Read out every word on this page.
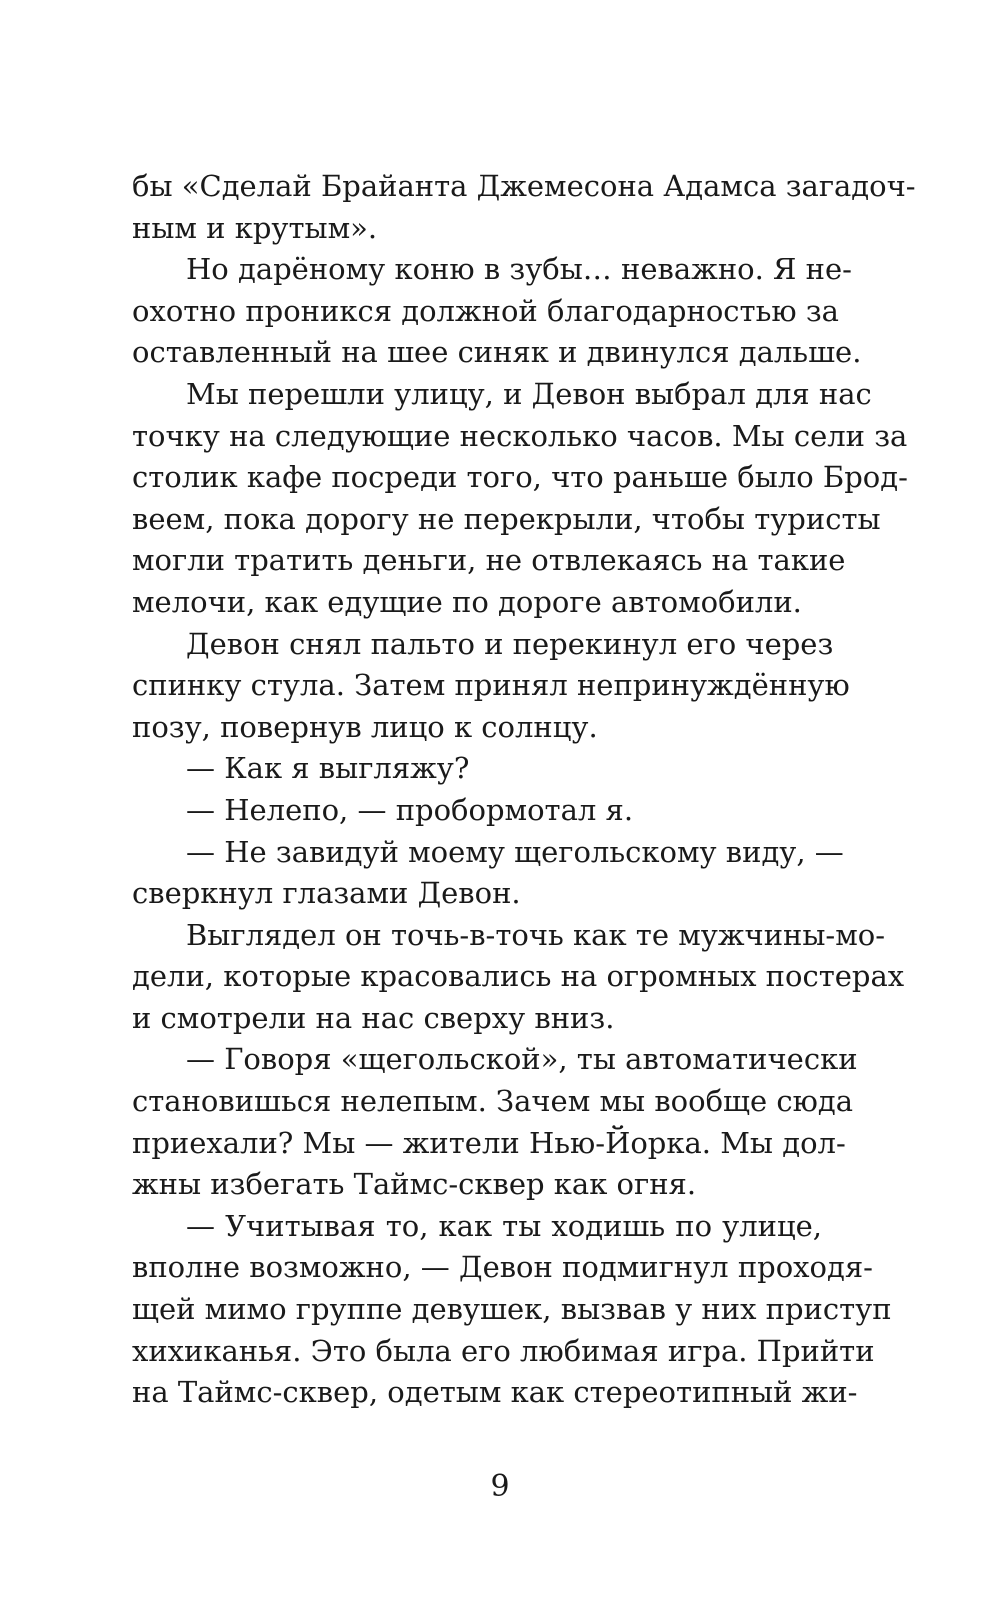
бы «Сделай Брайанта Джемесона Адамса загадоч-
ным и крутым».
Но дарёному коню в зубы… неважно. Я не-
охотно проникся должной благодарностью за
оставленный на шее синяк и двинулся дальше.
Мы перешли улицу, и Девон выбрал для нас
точку на следующие несколько часов. Мы сели за
столик кафе посреди того, что раньше было Брод-
веем, пока дорогу не перекрыли, чтобы туристы
могли тратить деньги, не отвлекаясь на такие
мелочи, как едущие по дороге автомобили.
Девон снял пальто и перекинул его через
спинку стула. Затем принял непринуждённую
позу, повернув лицо к солнцу.
— Как я выгляжу?
— Нелепо, — пробормотал я.
— Не завидуй моему щегольскому виду, —
сверкнул глазами Девон.
Выглядел он точь-в-точь как те мужчины-мо-
дели, которые красовались на огромных постерах
и смотрели на нас сверху вниз.
— Говоря «щегольской», ты автоматически
становишься нелепым. Зачем мы вообще сюда
приехали? Мы — жители Нью-Йорка. Мы дол-
жны избегать Таймс-сквер как огня.
— Учитывая то, как ты ходишь по улице,
вполне возможно, — Девон подмигнул проходя-
щей мимо группе девушек, вызвав у них приступ
хихиканья. Это была его любимая игра. Прийти
на Таймс-сквер, одетым как стереотипный жи-
9
